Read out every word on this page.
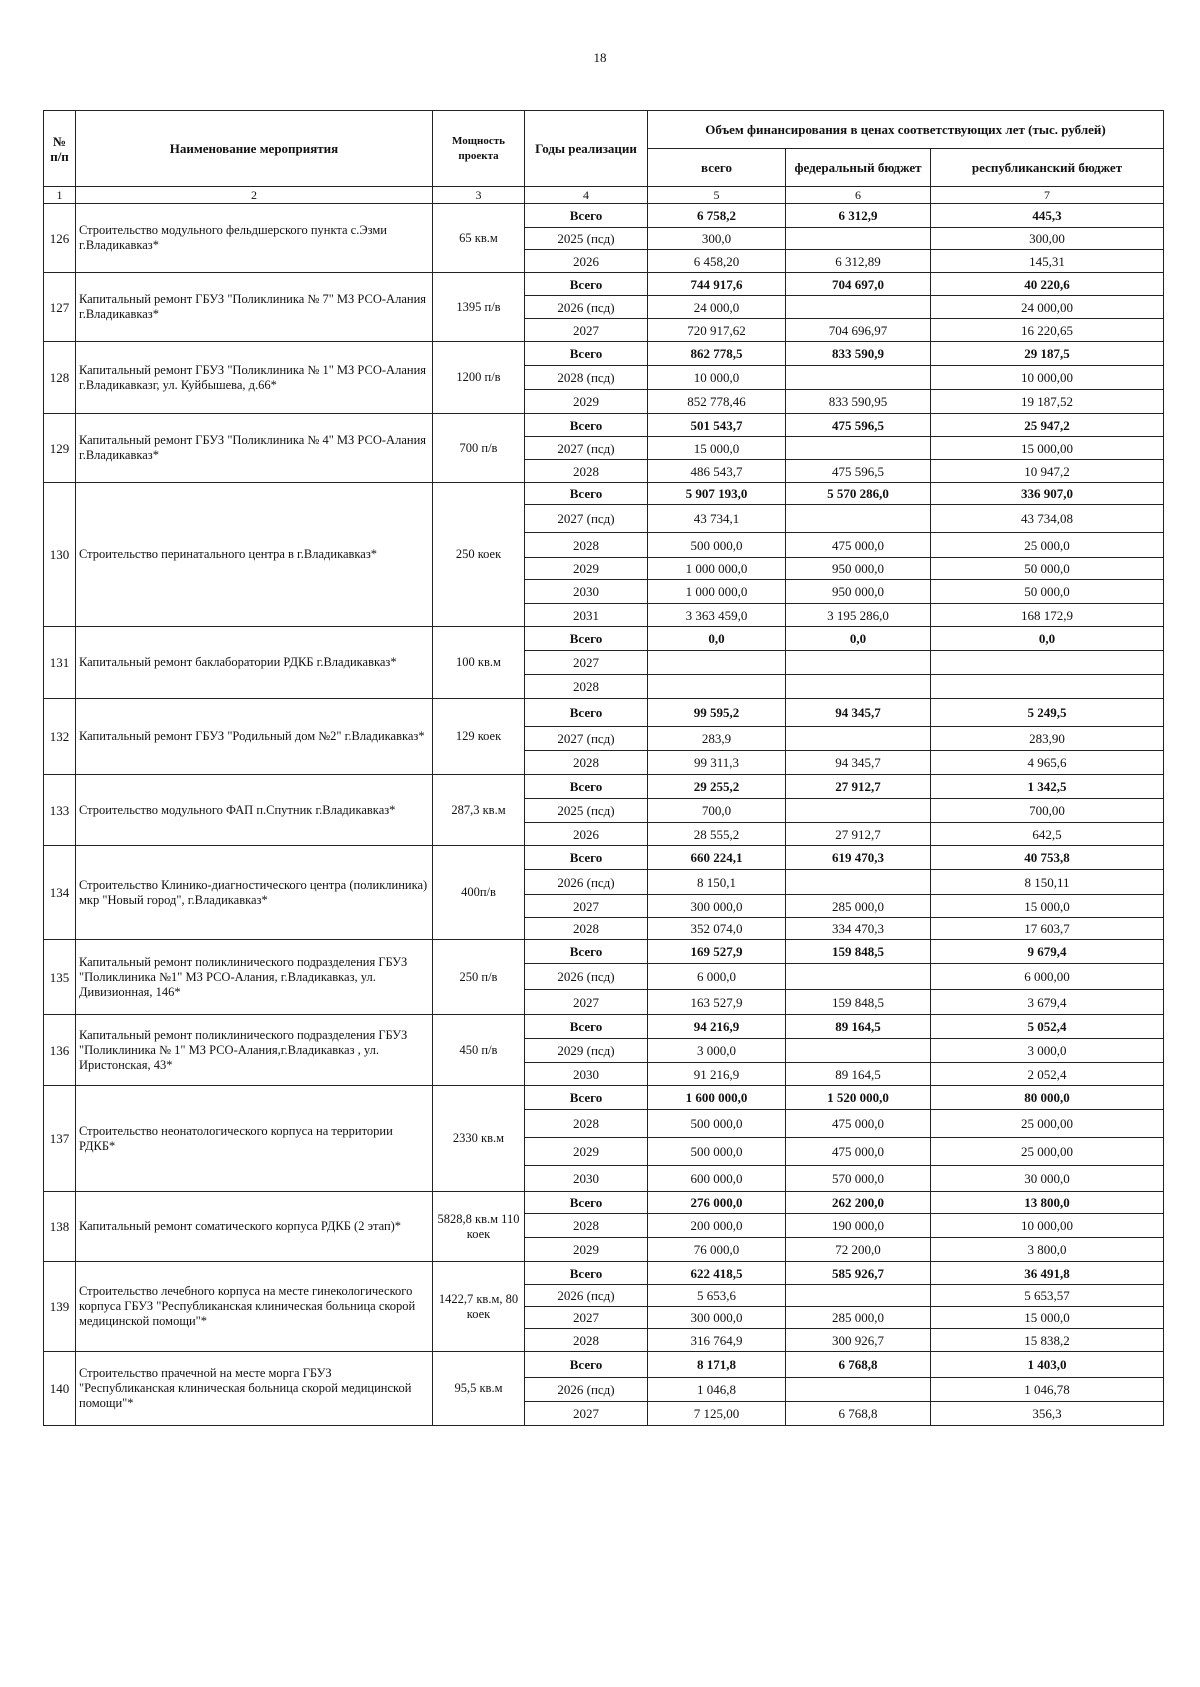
18
№ п/п	Наименование мероприятия	Мощность проекта	Годы реализации	Объем финансирования в ценах соответствующих лет (тыс. рублей)		
				всего	федеральный бюджет	республиканский бюджет
1	2	3	4	5	6	7
126	Строительство модульного фельдшерского пункта с.Эзми г.Владикавказ*	65 кв.м	Всего	6 758,2	6 312,9	445,3
			2025 (псд)	300,0		300,00
			2026	6 458,20	6 312,89	145,31
127	Капитальный ремонт ГБУЗ "Поликлиника № 7" МЗ РСО-Алания г.Владикавказ*	1395 п/в	Всего	744 917,6	704 697,0	40 220,6
			2026 (псд)	24 000,0		24 000,00
			2027	720 917,62	704 696,97	16 220,65
128	Капитальный ремонт ГБУЗ "Поликлиника № 1" МЗ РСО-Алания г.Владикавказг, ул. Куйбышева, д.66*	1200 п/в	Всего	862 778,5	833 590,9	29 187,5
			2028 (псд)	10 000,0		10 000,00
			2029	852 778,46	833 590,95	19 187,52
129	Капитальный ремонт ГБУЗ "Поликлиника № 4" МЗ РСО-Алания г.Владикавказ*	700 п/в	Всего	501 543,7	475 596,5	25 947,2
			2027 (псд)	15 000,0		15 000,00
			2028	486 543,7	475 596,5	10 947,2
130	Строительство перинатального центра в г.Владикавказ*	250 коек	Всего	5 907 193,0	5 570 286,0	336 907,0
			2027 (псд)	43 734,1		43 734,08
			2028	500 000,0	475 000,0	25 000,0
			2029	1 000 000,0	950 000,0	50 000,0
			2030	1 000 000,0	950 000,0	50 000,0
			2031	3 363 459,0	3 195 286,0	168 172,9
131	Капитальный ремонт баклаборатории РДКБ г.Владикавказ*	100 кв.м	Всего	0,0	0,0	0,0
			2027			
			2028			
132	Капитальный ремонт ГБУЗ "Родильный дом №2" г.Владикавказ*	129 коек	Всего	99 595,2	94 345,7	5 249,5
			2027 (псд)	283,9		283,90
			2028	99 311,3	94 345,7	4 965,6
133	Строительство модульного ФАП п.Спутник г.Владикавказ*	287,3 кв.м	Всего	29 255,2	27 912,7	1 342,5
			2025 (псд)	700,0		700,00
			2026	28 555,2	27 912,7	642,5
134	Строительство Клинико-диагностического центра (поликлиника) мкр "Новый город", г.Владикавказ*	400п/в	Всего	660 224,1	619 470,3	40 753,8
			2026 (псд)	8 150,1		8 150,11
			2027	300 000,0	285 000,0	15 000,0
			2028	352 074,0	334 470,3	17 603,7
135	Капитальный ремонт поликлинического подразделения ГБУЗ "Поликлиника №1" МЗ РСО-Алания, г.Владикавказ, ул. Дивизионная, 146*	250 п/в	Всего	169 527,9	159 848,5	9 679,4
			2026 (псд)	6 000,0		6 000,00
			2027	163 527,9	159 848,5	3 679,4
136	Капитальный ремонт поликлинического подразделения ГБУЗ "Поликлиника № 1" МЗ РСО-Алания,г.Владикавказ , ул. Иристонская, 43*	450 п/в	Всего	94 216,9	89 164,5	5 052,4
			2029 (псд)	3 000,0		3 000,0
			2030	91 216,9	89 164,5	2 052,4
137	Строительство неонатологического корпуса на территории РДКБ*	2330 кв.м	Всего	1 600 000,0	1 520 000,0	80 000,0
			2028	500 000,0	475 000,0	25 000,00
			2029	500 000,0	475 000,0	25 000,00
			2030	600 000,0	570 000,0	30 000,0
138	Капитальный ремонт соматического корпуса РДКБ (2 этап)*	5828,8 кв.м 110 коек	Всего	276 000,0	262 200,0	13 800,0
			2028	200 000,0	190 000,0	10 000,00
			2029	76 000,0	72 200,0	3 800,0
139	Строительство лечебного корпуса на месте гинекологического корпуса ГБУЗ "Республиканская клиническая больница скорой медицинской помощи"*	1422,7 кв.м, 80 коек	Всего	622 418,5	585 926,7	36 491,8
			2026 (псд)	5 653,6		5 653,57
			2027	300 000,0	285 000,0	15 000,0
			2028	316 764,9	300 926,7	15 838,2
140	Строительство прачечной на месте морга ГБУЗ "Республиканская клиническая больница скорой медицинской помощи"*	95,5 кв.м	Всего	8 171,8	6 768,8	1 403,0
			2026 (псд)	1 046,8		1 046,78
			2027	7 125,00	6 768,8	356,3
